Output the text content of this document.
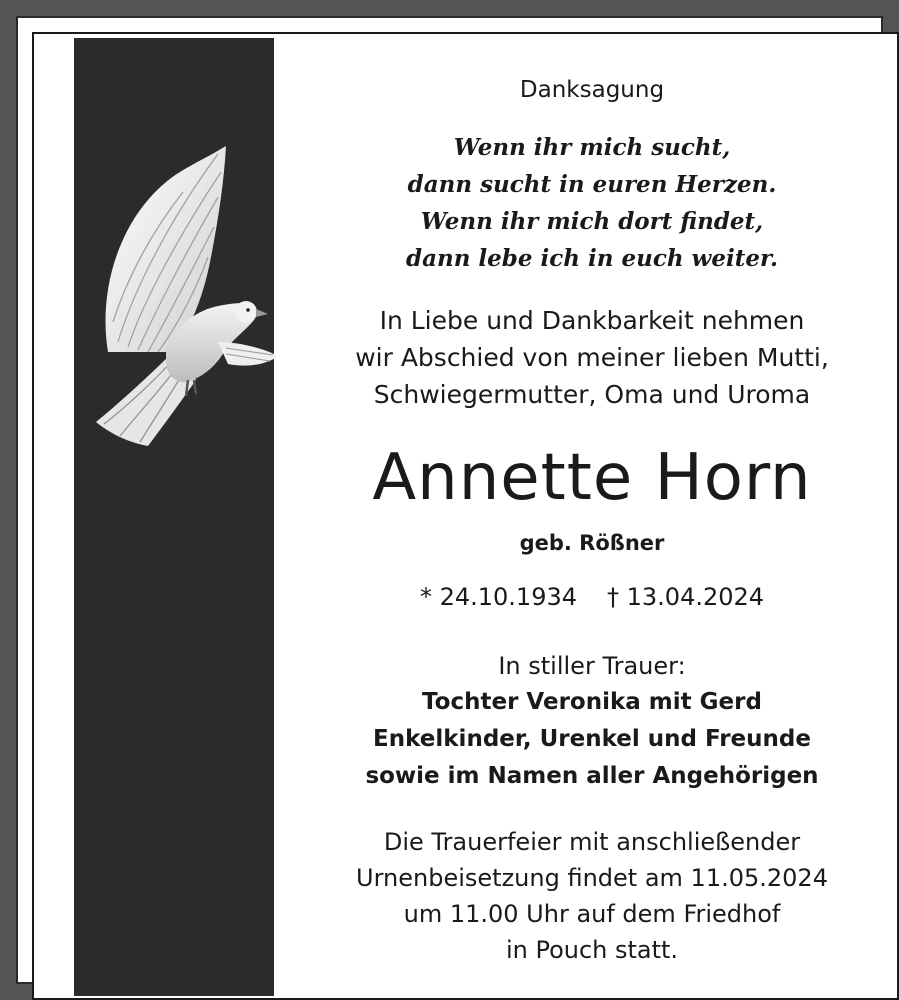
Danksagung
Wenn ihr mich sucht,
dann sucht in euren Herzen.
Wenn ihr mich dort findet,
dann lebe ich in euch weiter.
In Liebe und Dankbarkeit nehmen
wir Abschied von meiner lieben Mutti,
Schwiegermutter, Oma und Uroma
Annette Horn
geb. Rößner
* 24.10.1934 † 13.04.2024
In stiller Trauer:
Tochter Veronika mit Gerd
Enkelkinder, Urenkel und Freunde
sowie im Namen aller Angehörigen
Die Trauerfeier mit anschließender
Urnenbeisetzung findet am 11.05.2024
um 11.00 Uhr auf dem Friedhof
in Pouch statt.
